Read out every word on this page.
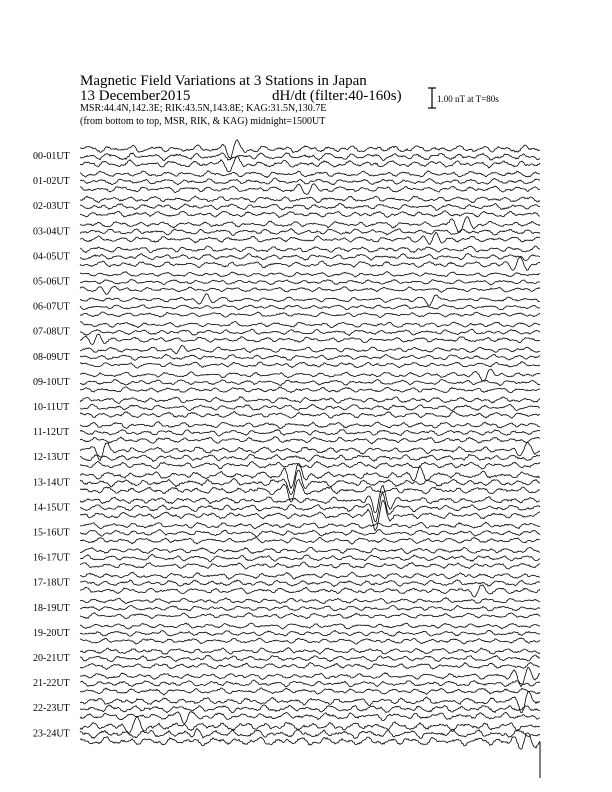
Magnetic Field Variations at 3 Stations in Japan
13 December2015	dH/dt (filter:40-160s)
MSR:44.4N,142.3E; RIK:43.5N,143.8E; KAG:31.5N,130.7E
(from bottom to top, MSR, RIK, & KAG) midnight=1500UT
1.00 nT at T=80s
00-01UT
01-02UT
02-03UT
03-04UT
04-05UT
05-06UT
06-07UT
07-08UT
08-09UT
09-10UT
10-11UT
11-12UT
12-13UT
13-14UT
14-15UT
15-16UT
16-17UT
17-18UT
18-19UT
19-20UT
20-21UT
21-22UT
22-23UT
23-24UT
